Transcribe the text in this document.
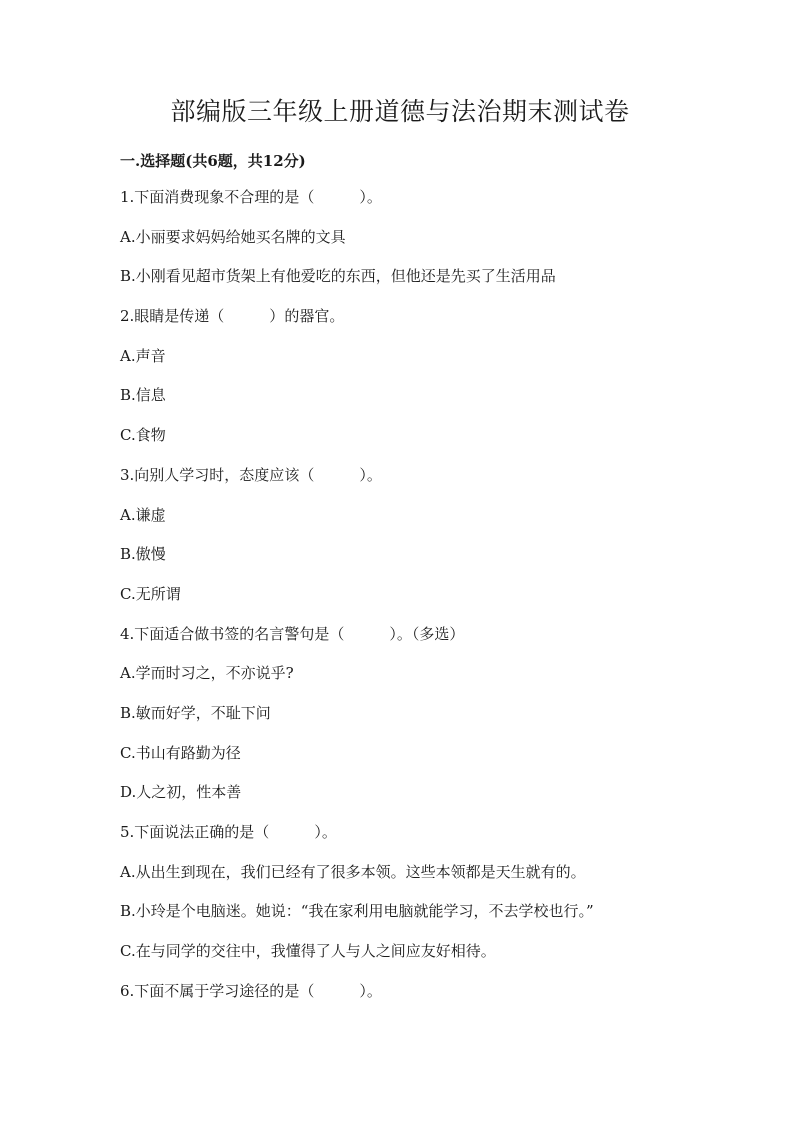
部编版三年级上册道德与法治期末测试卷
一.选择题(共6题，共12分)
1.下面消费现象不合理的是（　　　）。
A.小丽要求妈妈给她买名牌的文具
B.小刚看见超市货架上有他爱吃的东西，但他还是先买了生活用品
2.眼睛是传递（　　　）的器官。
A.声音
B.信息
C.食物
3.向别人学习时，态度应该（　　　）。
A.谦虚
B.傲慢
C.无所谓
4.下面适合做书签的名言警句是（　　　）。（多选）
A.学而时习之，不亦说乎?
B.敏而好学，不耻下问
C.书山有路勤为径
D.人之初，性本善
5.下面说法正确的是（　　　）。
A.从出生到现在，我们已经有了很多本领。这些本领都是天生就有的。
B.小玲是个电脑迷。她说：“我在家利用电脑就能学习，不去学校也行。”
C.在与同学的交往中，我懂得了人与人之间应友好相待。
6.下面不属于学习途径的是（　　　）。
